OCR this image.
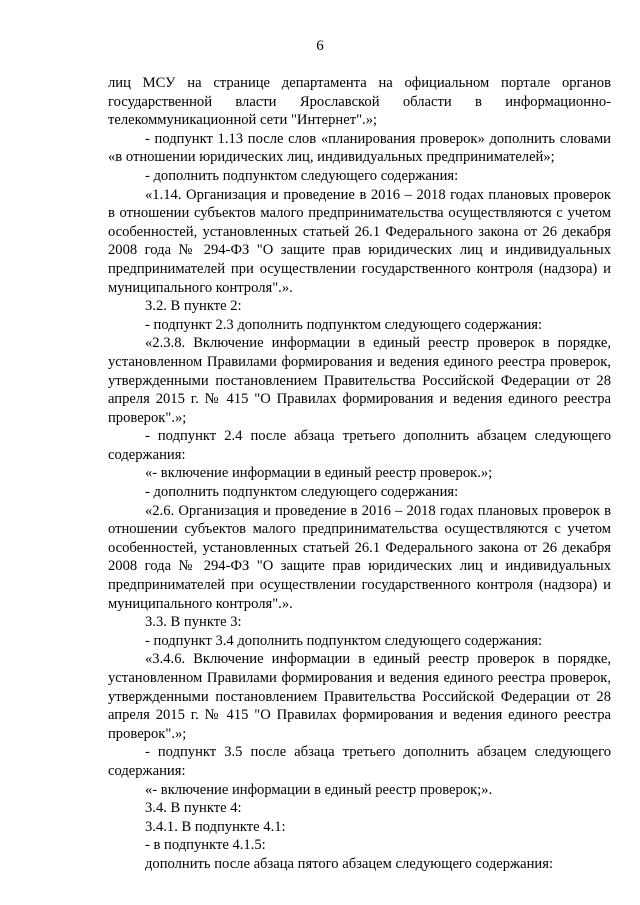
6

лиц МСУ на странице департамента на официальном портале органов государственной власти Ярославской области в информационно-телекоммуникационной сети "Интернет".»;

- подпункт 1.13 после слов «планирования проверок» дополнить словами «в отношении юридических лиц, индивидуальных предпринимателей»;

- дополнить подпунктом следующего содержания:

«1.14. Организация и проведение в 2016 – 2018 годах плановых проверок в отношении субъектов малого предпринимательства осуществляются с учетом особенностей, установленных статьей 26.1 Федерального закона от 26 декабря 2008 года № 294-ФЗ "О защите прав юридических лиц и индивидуальных предпринимателей при осуществлении государственного контроля (надзора) и муниципального контроля".».

3.2. В пункте 2:

- подпункт 2.3 дополнить подпунктом следующего содержания:

«2.3.8. Включение информации в единый реестр проверок в порядке, установленном Правилами формирования и ведения единого реестра проверок, утвержденными постановлением Правительства Российской Федерации от 28 апреля 2015 г. № 415 "О Правилах формирования и ведения единого реестра проверок".»;

- подпункт 2.4 после абзаца третьего дополнить абзацем следующего содержания:

«- включение информации в единый реестр проверок.»;

- дополнить подпунктом следующего содержания:

«2.6. Организация и проведение в 2016 – 2018 годах плановых проверок в отношении субъектов малого предпринимательства осуществляются с учетом особенностей, установленных статьей 26.1 Федерального закона от 26 декабря 2008 года № 294-ФЗ "О защите прав юридических лиц и индивидуальных предпринимателей при осуществлении государственного контроля (надзора) и муниципального контроля".».

3.3. В пункте 3:

- подпункт 3.4 дополнить подпунктом следующего содержания:

«3.4.6. Включение информации в единый реестр проверок в порядке, установленном Правилами формирования и ведения единого реестра проверок, утвержденными постановлением Правительства Российской Федерации от 28 апреля 2015 г. № 415 "О Правилах формирования и ведения единого реестра проверок".»;

- подпункт 3.5 после абзаца третьего дополнить абзацем следующего содержания:

«- включение информации в единый реестр проверок;».

3.4. В пункте 4:

3.4.1. В подпункте 4.1:

- в подпункте 4.1.5:

дополнить после абзаца пятого абзацем следующего содержания:
